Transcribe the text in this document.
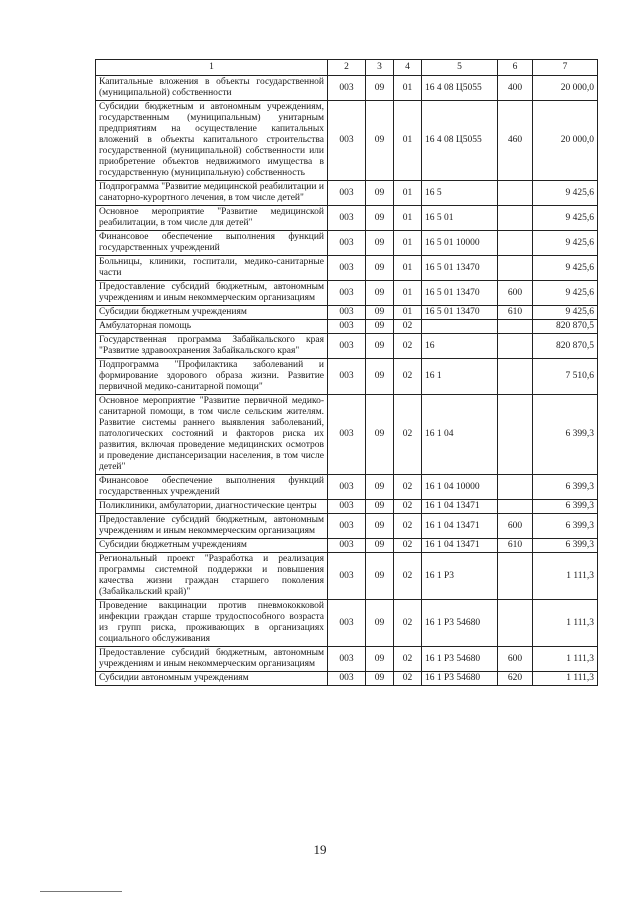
1	2	3	4	5	6	7
Капитальные вложения в объекты государственной (муниципальной) собственности	003	09	01	16 4 08 Ц5055	400	20 000,0
Субсидии бюджетным и автономным учреждениям, государственным (муниципальным) унитарным предприятиям на осуществление капитальных вложений в объекты капитального строительства государственной (муниципальной) собственности или приобретение объектов недвижимого имущества в государственную (муниципальную) собственность	003	09	01	16 4 08 Ц5055	460	20 000,0
Подпрограмма "Развитие медицинской реабилитации и санаторно-курортного лечения, в том числе детей"	003	09	01	16 5		9 425,6
Основное мероприятие "Развитие медицинской реабилитации, в том числе для детей"	003	09	01	16 5 01		9 425,6
Финансовое обеспечение выполнения функций государственных учреждений	003	09	01	16 5 01 10000		9 425,6
Больницы, клиники, госпитали, медико-санитарные части	003	09	01	16 5 01 13470		9 425,6
Предоставление субсидий бюджетным, автономным учреждениям и иным некоммерческим организациям	003	09	01	16 5 01 13470	600	9 425,6
Субсидии бюджетным учреждениям	003	09	01	16 5 01 13470	610	9 425,6
Амбулаторная помощь	003	09	02			820 870,5
Государственная программа Забайкальского края "Развитие здравоохранения Забайкальского края"	003	09	02	16		820 870,5
Подпрограмма "Профилактика заболеваний и формирование здорового образа жизни. Развитие первичной медико-санитарной помощи"	003	09	02	16 1		7 510,6
Основное мероприятие "Развитие первичной медико-санитарной помощи, в том числе сельским жителям. Развитие системы раннего выявления заболеваний, патологических состояний и факторов риска их развития, включая проведение медицинских осмотров и проведение диспансеризации населения, в том числе детей"	003	09	02	16 1 04		6 399,3
Финансовое обеспечение выполнения функций государственных учреждений	003	09	02	16 1 04 10000		6 399,3
Поликлиники, амбулатории, диагностические центры	003	09	02	16 1 04 13471		6 399,3
Предоставление субсидий бюджетным, автономным учреждениям и иным некоммерческим организациям	003	09	02	16 1 04 13471	600	6 399,3
Субсидии бюджетным учреждениям	003	09	02	16 1 04 13471	610	6 399,3
Региональный проект "Разработка и реализация программы системной поддержки и повышения качества жизни граждан старшего поколения (Забайкальский край)"	003	09	02	16 1 P3		1 111,3
Проведение вакцинации против пневмококковой инфекции граждан старше трудоспособного возраста из групп риска, проживающих в организациях социального обслуживания	003	09	02	16 1 P3 54680		1 111,3
Предоставление субсидий бюджетным, автономным учреждениям и иным некоммерческим организациям	003	09	02	16 1 P3 54680	600	1 111,3
Субсидии автономным учреждениям	003	09	02	16 1 P3 54680	620	1 111,3
19
